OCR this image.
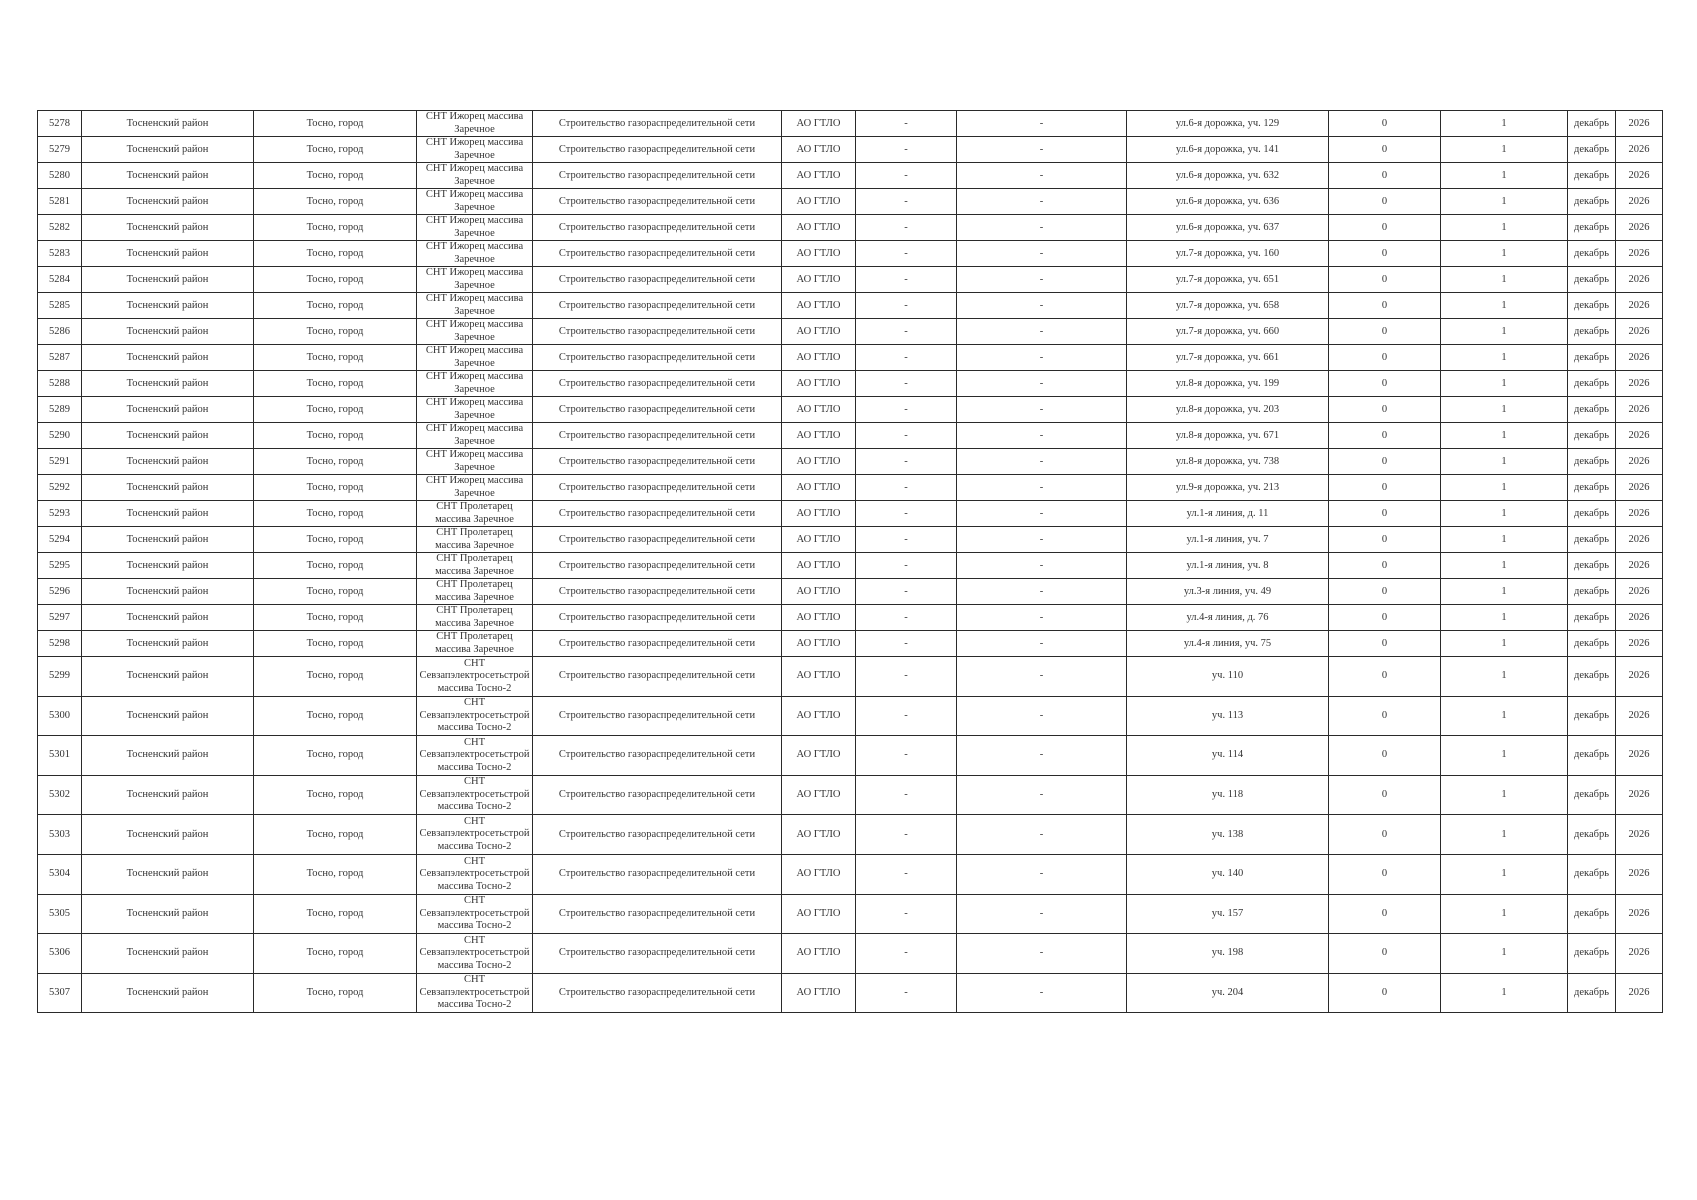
5278	Тосненский район	Тосно, город	СНТ Ижорец массива Заречное	Строительство газораспределительной сети	АО ГТЛО	-	-	ул.6-я дорожка, уч. 129	0	1	декабрь	2026
5279	Тосненский район	Тосно, город	СНТ Ижорец массива Заречное	Строительство газораспределительной сети	АО ГТЛО	-	-	ул.6-я дорожка, уч. 141	0	1	декабрь	2026
5280	Тосненский район	Тосно, город	СНТ Ижорец массива Заречное	Строительство газораспределительной сети	АО ГТЛО	-	-	ул.6-я дорожка, уч. 632	0	1	декабрь	2026
5281	Тосненский район	Тосно, город	СНТ Ижорец массива Заречное	Строительство газораспределительной сети	АО ГТЛО	-	-	ул.6-я дорожка, уч. 636	0	1	декабрь	2026
5282	Тосненский район	Тосно, город	СНТ Ижорец массива Заречное	Строительство газораспределительной сети	АО ГТЛО	-	-	ул.6-я дорожка, уч. 637	0	1	декабрь	2026
5283	Тосненский район	Тосно, город	СНТ Ижорец массива Заречное	Строительство газораспределительной сети	АО ГТЛО	-	-	ул.7-я дорожка, уч. 160	0	1	декабрь	2026
5284	Тосненский район	Тосно, город	СНТ Ижорец массива Заречное	Строительство газораспределительной сети	АО ГТЛО	-	-	ул.7-я дорожка, уч. 651	0	1	декабрь	2026
5285	Тосненский район	Тосно, город	СНТ Ижорец массива Заречное	Строительство газораспределительной сети	АО ГТЛО	-	-	ул.7-я дорожка, уч. 658	0	1	декабрь	2026
5286	Тосненский район	Тосно, город	СНТ Ижорец массива Заречное	Строительство газораспределительной сети	АО ГТЛО	-	-	ул.7-я дорожка, уч. 660	0	1	декабрь	2026
5287	Тосненский район	Тосно, город	СНТ Ижорец массива Заречное	Строительство газораспределительной сети	АО ГТЛО	-	-	ул.7-я дорожка, уч. 661	0	1	декабрь	2026
5288	Тосненский район	Тосно, город	СНТ Ижорец массива Заречное	Строительство газораспределительной сети	АО ГТЛО	-	-	ул.8-я дорожка, уч. 199	0	1	декабрь	2026
5289	Тосненский район	Тосно, город	СНТ Ижорец массива Заречное	Строительство газораспределительной сети	АО ГТЛО	-	-	ул.8-я дорожка, уч. 203	0	1	декабрь	2026
5290	Тосненский район	Тосно, город	СНТ Ижорец массива Заречное	Строительство газораспределительной сети	АО ГТЛО	-	-	ул.8-я дорожка, уч. 671	0	1	декабрь	2026
5291	Тосненский район	Тосно, город	СНТ Ижорец массива Заречное	Строительство газораспределительной сети	АО ГТЛО	-	-	ул.8-я дорожка, уч. 738	0	1	декабрь	2026
5292	Тосненский район	Тосно, город	СНТ Ижорец массива Заречное	Строительство газораспределительной сети	АО ГТЛО	-	-	ул.9-я дорожка, уч. 213	0	1	декабрь	2026
5293	Тосненский район	Тосно, город	СНТ Пролетарец массива Заречное	Строительство газораспределительной сети	АО ГТЛО	-	-	ул.1-я линия, д. 11	0	1	декабрь	2026
5294	Тосненский район	Тосно, город	СНТ Пролетарец массива Заречное	Строительство газораспределительной сети	АО ГТЛО	-	-	ул.1-я линия, уч. 7	0	1	декабрь	2026
5295	Тосненский район	Тосно, город	СНТ Пролетарец массива Заречное	Строительство газораспределительной сети	АО ГТЛО	-	-	ул.1-я линия, уч. 8	0	1	декабрь	2026
5296	Тосненский район	Тосно, город	СНТ Пролетарец массива Заречное	Строительство газораспределительной сети	АО ГТЛО	-	-	ул.3-я линия, уч. 49	0	1	декабрь	2026
5297	Тосненский район	Тосно, город	СНТ Пролетарец массива Заречное	Строительство газораспределительной сети	АО ГТЛО	-	-	ул.4-я линия, д. 76	0	1	декабрь	2026
5298	Тосненский район	Тосно, город	СНТ Пролетарец массива Заречное	Строительство газораспределительной сети	АО ГТЛО	-	-	ул.4-я линия, уч. 75	0	1	декабрь	2026
5299	Тосненский район	Тосно, город	СНТ Севзапэлектросетьстрой массива Тосно-2	Строительство газораспределительной сети	АО ГТЛО	-	-	уч. 110	0	1	декабрь	2026
5300	Тосненский район	Тосно, город	СНТ Севзапэлектросетьстрой массива Тосно-2	Строительство газораспределительной сети	АО ГТЛО	-	-	уч. 113	0	1	декабрь	2026
5301	Тосненский район	Тосно, город	СНТ Севзапэлектросетьстрой массива Тосно-2	Строительство газораспределительной сети	АО ГТЛО	-	-	уч. 114	0	1	декабрь	2026
5302	Тосненский район	Тосно, город	СНТ Севзапэлектросетьстрой массива Тосно-2	Строительство газораспределительной сети	АО ГТЛО	-	-	уч. 118	0	1	декабрь	2026
5303	Тосненский район	Тосно, город	СНТ Севзапэлектросетьстрой массива Тосно-2	Строительство газораспределительной сети	АО ГТЛО	-	-	уч. 138	0	1	декабрь	2026
5304	Тосненский район	Тосно, город	СНТ Севзапэлектросетьстрой массива Тосно-2	Строительство газораспределительной сети	АО ГТЛО	-	-	уч. 140	0	1	декабрь	2026
5305	Тосненский район	Тосно, город	СНТ Севзапэлектросетьстрой массива Тосно-2	Строительство газораспределительной сети	АО ГТЛО	-	-	уч. 157	0	1	декабрь	2026
5306	Тосненский район	Тосно, город	СНТ Севзапэлектросетьстрой массива Тосно-2	Строительство газораспределительной сети	АО ГТЛО	-	-	уч. 198	0	1	декабрь	2026
5307	Тосненский район	Тосно, город	СНТ Севзапэлектросетьстрой массива Тосно-2	Строительство газораспределительной сети	АО ГТЛО	-	-	уч. 204	0	1	декабрь	2026
